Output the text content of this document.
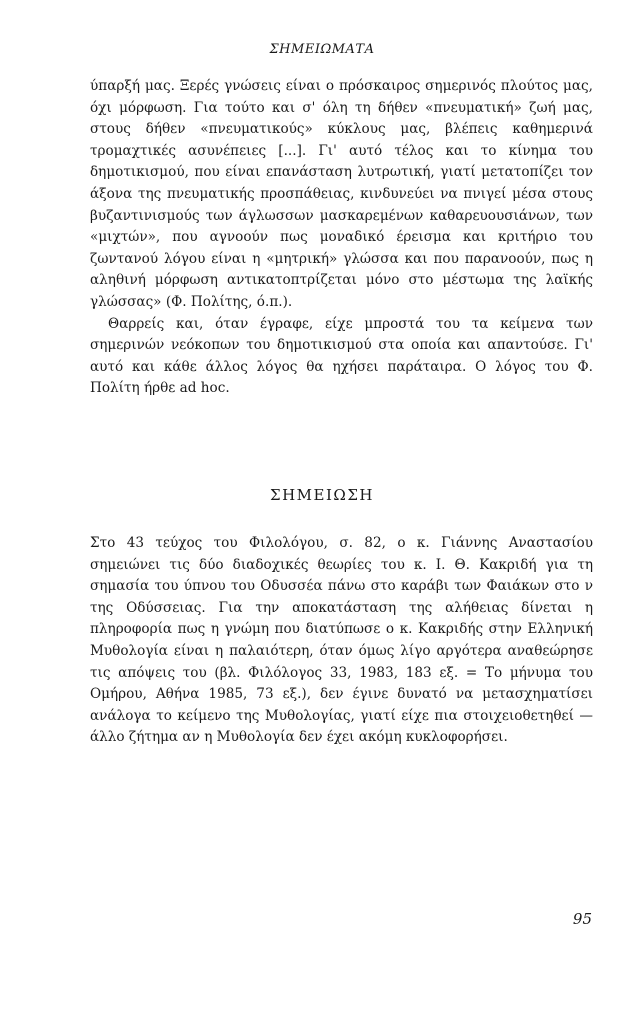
ΣΗΜΕΙΩΜΑΤΑ

ύπαρξή μας. Ξερές γνώσεις είναι ο πρόσκαιρος σημερινός πλούτος μας, όχι μόρφωση. Για τούτο και σ' όλη τη δήθεν «πνευματική» ζωή μας, στους δήθεν «πνευματικούς» κύκλους μας, βλέπεις καθημερινά τρομαχτικές ασυνέπειες [...]. Γι' αυτό τέλος και το κίνημα του δημοτικισμού, που είναι επανάσταση λυτρωτική, γιατί μετατοπίζει τον άξονα της πνευματικής προσπάθειας, κινδυνεύει να πνιγεί μέσα στους βυζαντινισμούς των άγλωσσων μασκαρεμένων καθαρευουσιάνων, των «μιχτών», που αγνοούν πως μοναδικό έρεισμα και κριτήριο του ζωντανού λόγου είναι η «μητρική» γλώσσα και που παρανοούν, πως η αληθινή μόρφωση αντικατοπτρίζεται μόνο στο μέστωμα της λαϊκής γλώσσας» (Φ. Πολίτης, ό.π.).

Θαρρείς και, όταν έγραφε, είχε μπροστά του τα κείμενα των σημερινών νεόκοπων του δημοτικισμού στα οποία και απαντούσε. Γι' αυτό και κάθε άλλος λόγος θα ηχήσει παράταιρα. Ο λόγος του Φ. Πολίτη ήρθε ad hoc.

ΣΗΜΕΙΩΣΗ

Στο 43 τεύχος του Φιλολόγου, σ. 82, ο κ. Γιάννης Αναστασίου σημειώνει τις δύο διαδοχικές θεωρίες του κ. Ι. Θ. Κακριδή για τη σημασία του ύπνου του Οδυσσέα πάνω στο καράβι των Φαιάκων στο ν της Οδύσσειας. Για την αποκατάσταση της αλήθειας δίνεται η πληροφορία πως η γνώμη που διατύπωσε ο κ. Κακριδής στην Ελληνική Μυθολογία είναι η παλαιότερη, όταν όμως λίγο αργότερα αναθεώρησε τις απόψεις του (βλ. Φιλόλογος 33, 1983, 183 εξ. = Το μήνυμα του Ομήρου, Αθήνα 1985, 73 εξ.), δεν έγινε δυνατό να μετασχηματίσει ανάλογα το κείμενο της Μυθολογίας, γιατί είχε πια στοιχειοθετηθεί — άλλο ζήτημα αν η Μυθολογία δεν έχει ακόμη κυκλοφορήσει.

95
